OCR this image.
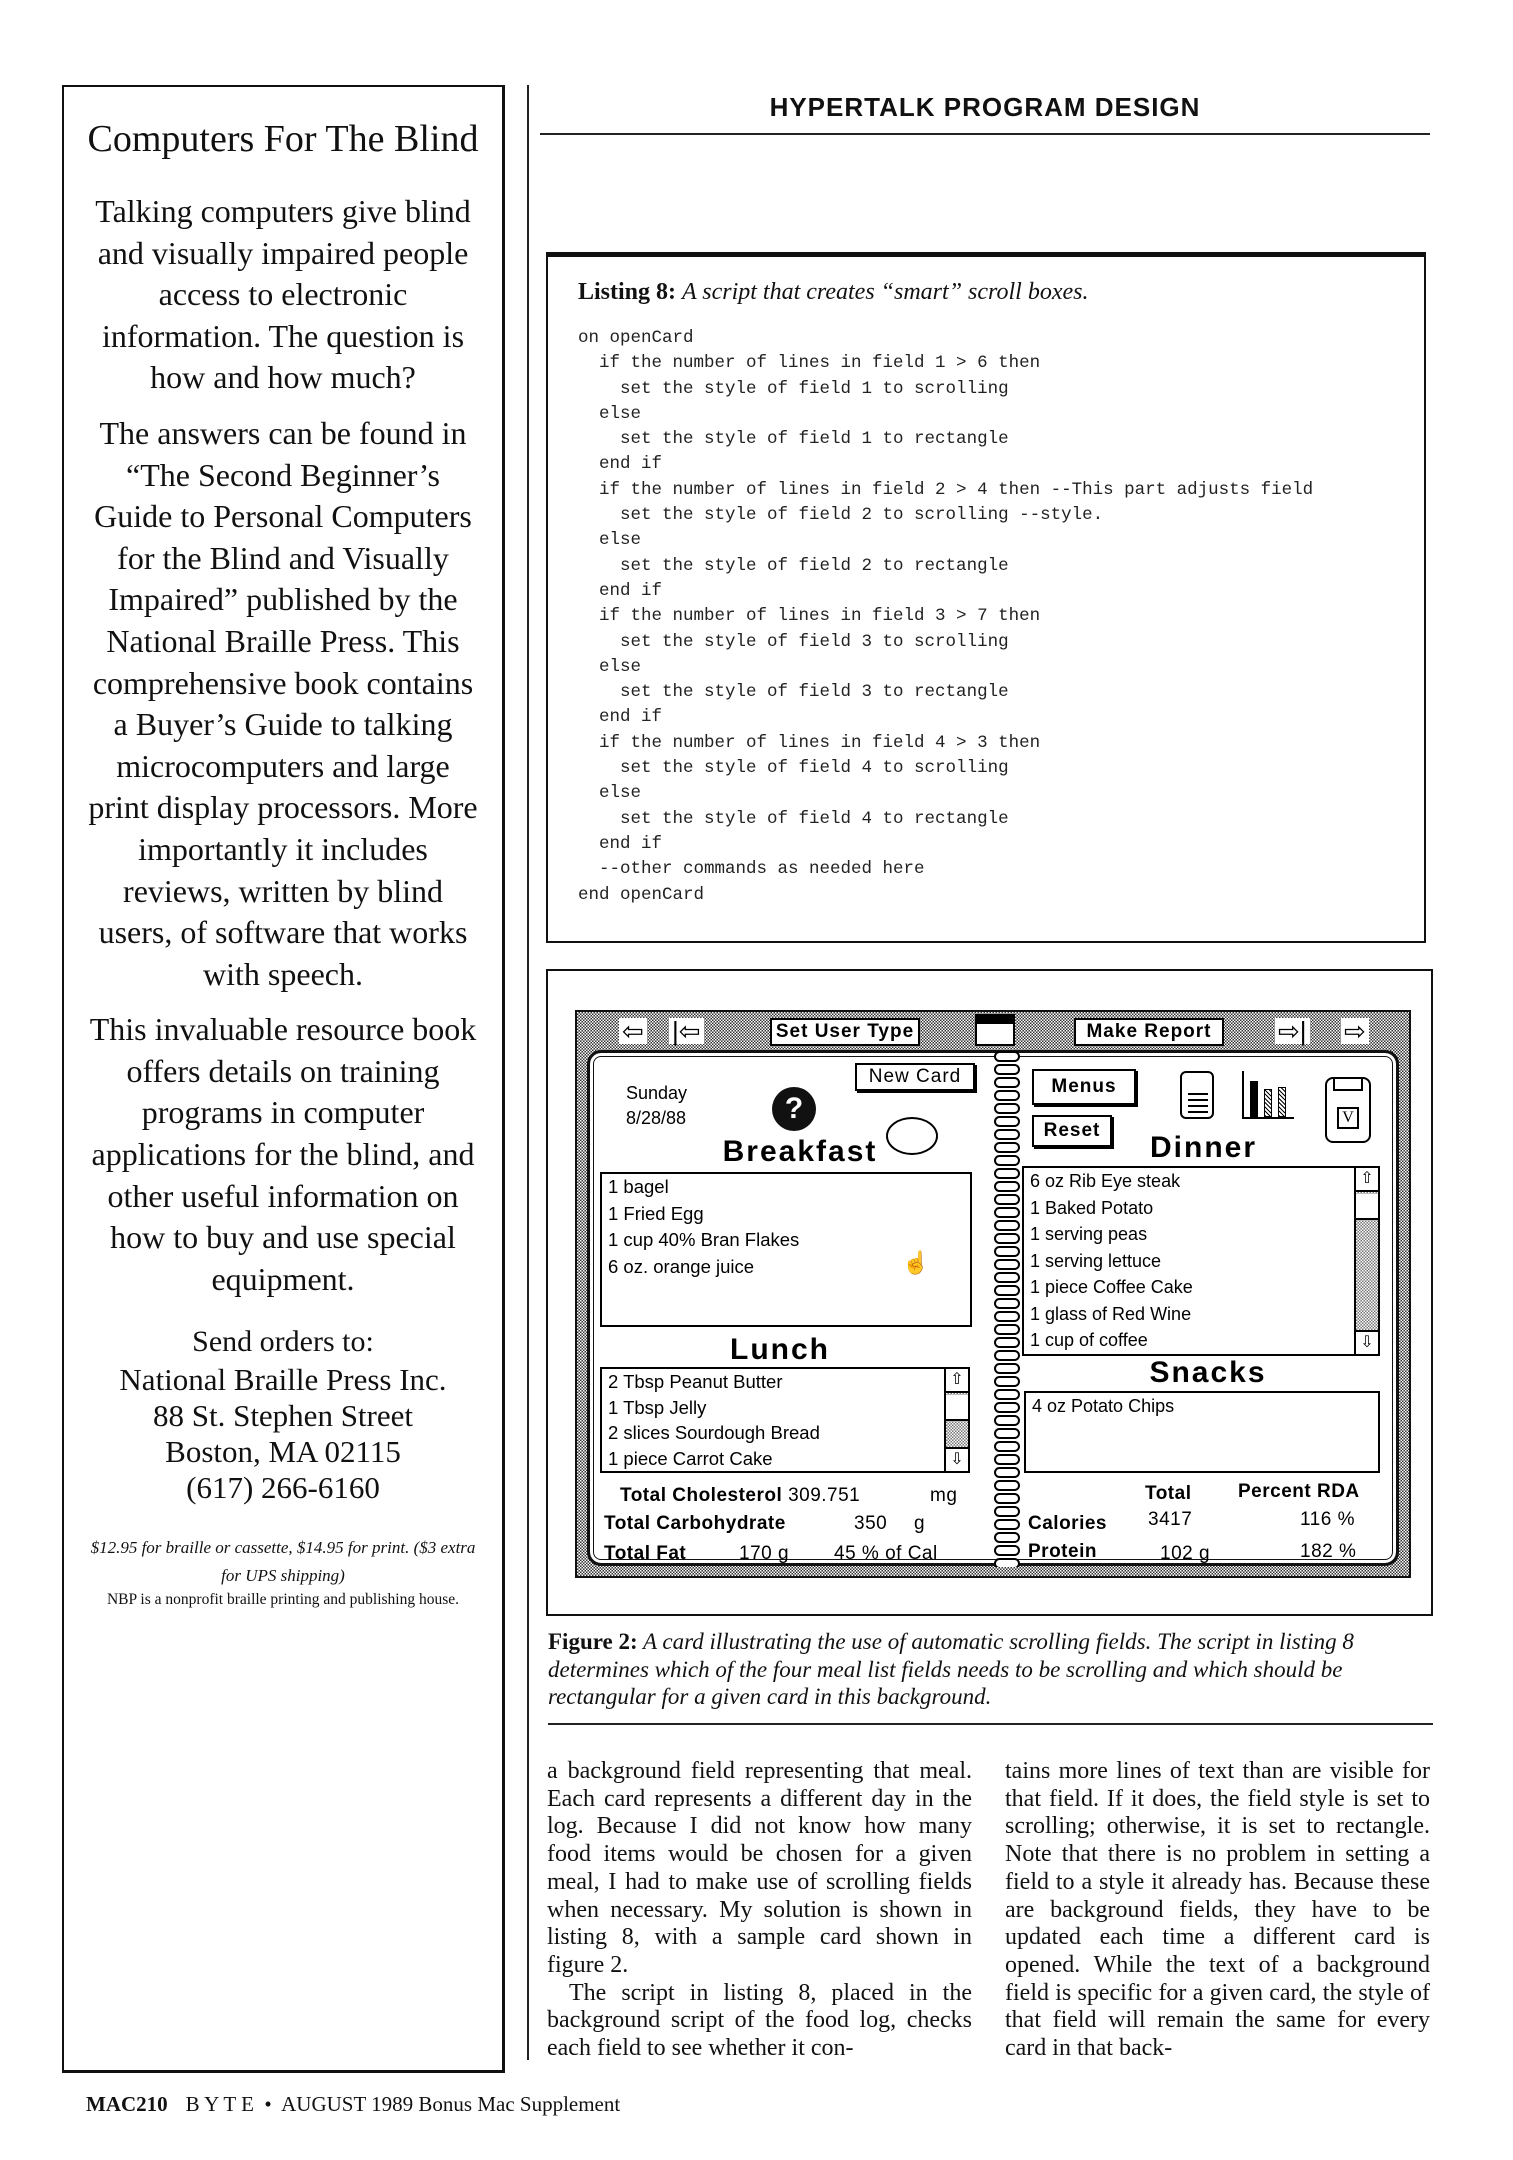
Computers For The Blind

Talking computers give blind and visually impaired people access to electronic information. The question is how and how much?

The answers can be found in “The Second Beginner’s Guide to Personal Computers for the Blind and Visually Impaired” published by the National Braille Press. This comprehensive book contains a Buyer’s Guide to talking microcomputers and large print display processors. More importantly it includes reviews, written by blind users, of software that works with speech.

This invaluable resource book offers details on training programs in computer applications for the blind, and other useful information on how to buy and use special equipment.

Send orders to:
National Braille Press Inc.
88 St. Stephen Street
Boston, MA 02115
(617) 266-6160
$12.95 for braille or cassette, $14.95 for print. ($3 extra for UPS shipping)
NBP is a nonprofit braille printing and publishing house.
HYPERTALK PROGRAM DESIGN
Listing 8: A script that creates “smart” scroll boxes.
on openCard
if the number of lines in field 1 > 6 then
set the style of field 1 to scrolling
else
set the style of field 1 to rectangle
end if
if the number of lines in field 2 > 4 then --This part adjusts field
set the style of field 2 to scrolling --style.
else
set the style of field 2 to rectangle
end if
if the number of lines in field 3 > 7 then
set the style of field 3 to scrolling
else
set the style of field 3 to rectangle
end if
if the number of lines in field 4 > 3 then
set the style of field 4 to scrolling
else
set the style of field 4 to rectangle
end if
--other commands as needed here
end openCard
⇦ |⇦	Set User Type	Make Report	⇨| ⇨
Sunday
8/28/88	?
New Card
Breakfast
1 bagel
1 Fried Egg
1 cup 40% Bran Flakes
6 oz. orange juice	☝
Lunch
2 Tbsp Peanut Butter
1 Tbsp Jelly
2 slices Sourdough Bread
1 piece Carrot Cake
⇧
⇩
Total Cholesterol 309.751	mg
Total Carbohydrate	350 g
Total Fat	170 g 45 % of Cal
Menus
Reset
V
Dinner
6 oz Rib Eye steak
1 Baked Potato
1 serving peas
1 serving lettuce
1 piece Coffee Cake
1 glass of Red Wine
1 cup of coffee
⇧
⇩
Snacks
4 oz Potato Chips
Total Percent RDA
Calories 3417	116 %
Protein	102 g	182 %
Figure 2: A card illustrating the use of automatic scrolling fields. The script in listing 8 determines which of the four meal list fields needs to be scrolling and which should be rectangular for a given card in this background.

a background field representing that meal. Each card represents a different day in the log. Because I did not know how many food items would be chosen for a given meal, I had to make use of scrolling fields when necessary. My solution is shown in listing 8, with a sample card shown in figure 2.

The script in listing 8, placed in the background script of the food log, checks each field to see whether it con-

tains more lines of text than are visible for that field. If it does, the field style is set to scrolling; otherwise, it is set to rectangle. Note that there is no problem in setting a field to a style it already has. Because these are background fields, they have to be updated each time a different card is opened. While the text of a background field is specific for a given card, the style of that field will remain the same for every card in that back-

MAC210 B Y T E  •  AUGUST 1989 Bonus Mac Supplement
